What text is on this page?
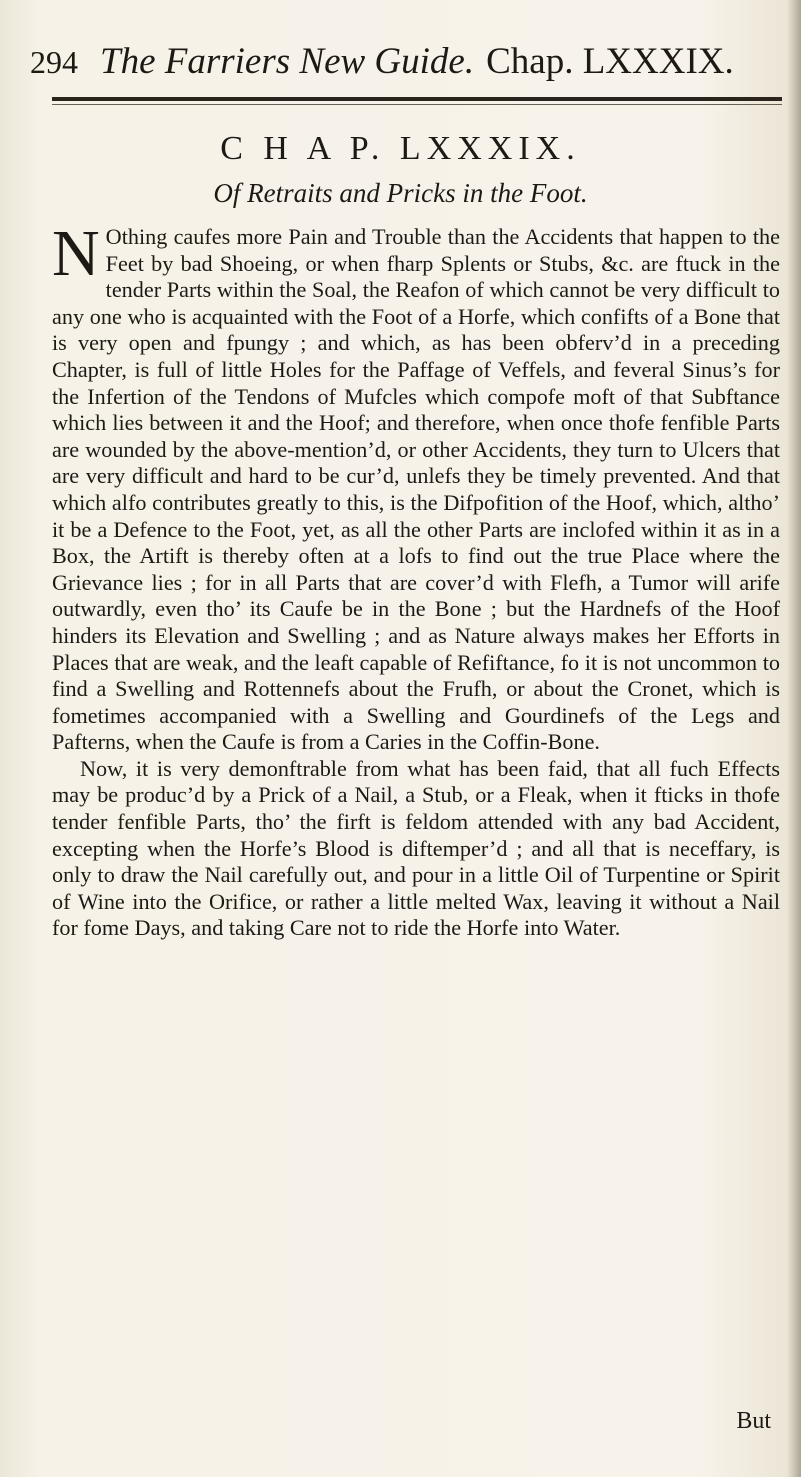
294 The Farriers New Guide. Chap. LXXXIX.
C H A P. LXXXIX.
Of Retraits and Pricks in the Foot.

NOthing caufes more Pain and Trouble than the Accidents that happen to the Feet by bad Shoeing, or when fharp Splents or Stubs, &c. are ftuck in the tender Parts within the Soal, the Reafon of which cannot be very difficult to any one who is acquainted with the Foot of a Horfe, which confifts of a Bone that is very open and fpungy ; and which, as has been obferv’d in a preceding Chapter, is full of little Holes for the Paffage of Veffels, and feveral Sinus’s for the Infertion of the Tendons of Mufcles which compofe moft of that Subftance which lies between it and the Hoof; and therefore, when once thofe fenfible Parts are wounded by the above-mention’d, or other Accidents, they turn to Ulcers that are very difficult and hard to be cur’d, unlefs they be timely prevented. And that which alfo contributes greatly to this, is the Difpofition of the Hoof, which, altho’ it be a Defence to the Foot, yet, as all the other Parts are inclofed within it as in a Box, the Artift is thereby often at a lofs to find out the true Place where the Grievance lies ; for in all Parts that are cover’d with Flefh, a Tumor will arife outwardly, even tho’ its Caufe be in the Bone ; but the Hardnefs of the Hoof hinders its Elevation and Swelling ; and as Nature always makes her Efforts in Places that are weak, and the leaft capable of Refiftance, fo it is not uncommon to find a Swelling and Rottennefs about the Frufh, or about the Cronet, which is fometimes accompanied with a Swelling and Gourdinefs of the Legs and Pafterns, when the Caufe is from a Caries in the Coffin-Bone.

Now, it is very demonftrable from what has been faid, that all fuch Effects may be produc’d by a Prick of a Nail, a Stub, or a Fleak, when it fticks in thofe tender fenfible Parts, tho’ the firft is feldom attended with any bad Accident, excepting when the Horfe’s Blood is diftemper’d ; and all that is neceffary, is only to draw the Nail carefully out, and pour in a little Oil of Turpentine or Spirit of Wine into the Orifice, or rather a little melted Wax, leaving it without a Nail for fome Days, and taking Care not to ride the Horfe into Water.

But
